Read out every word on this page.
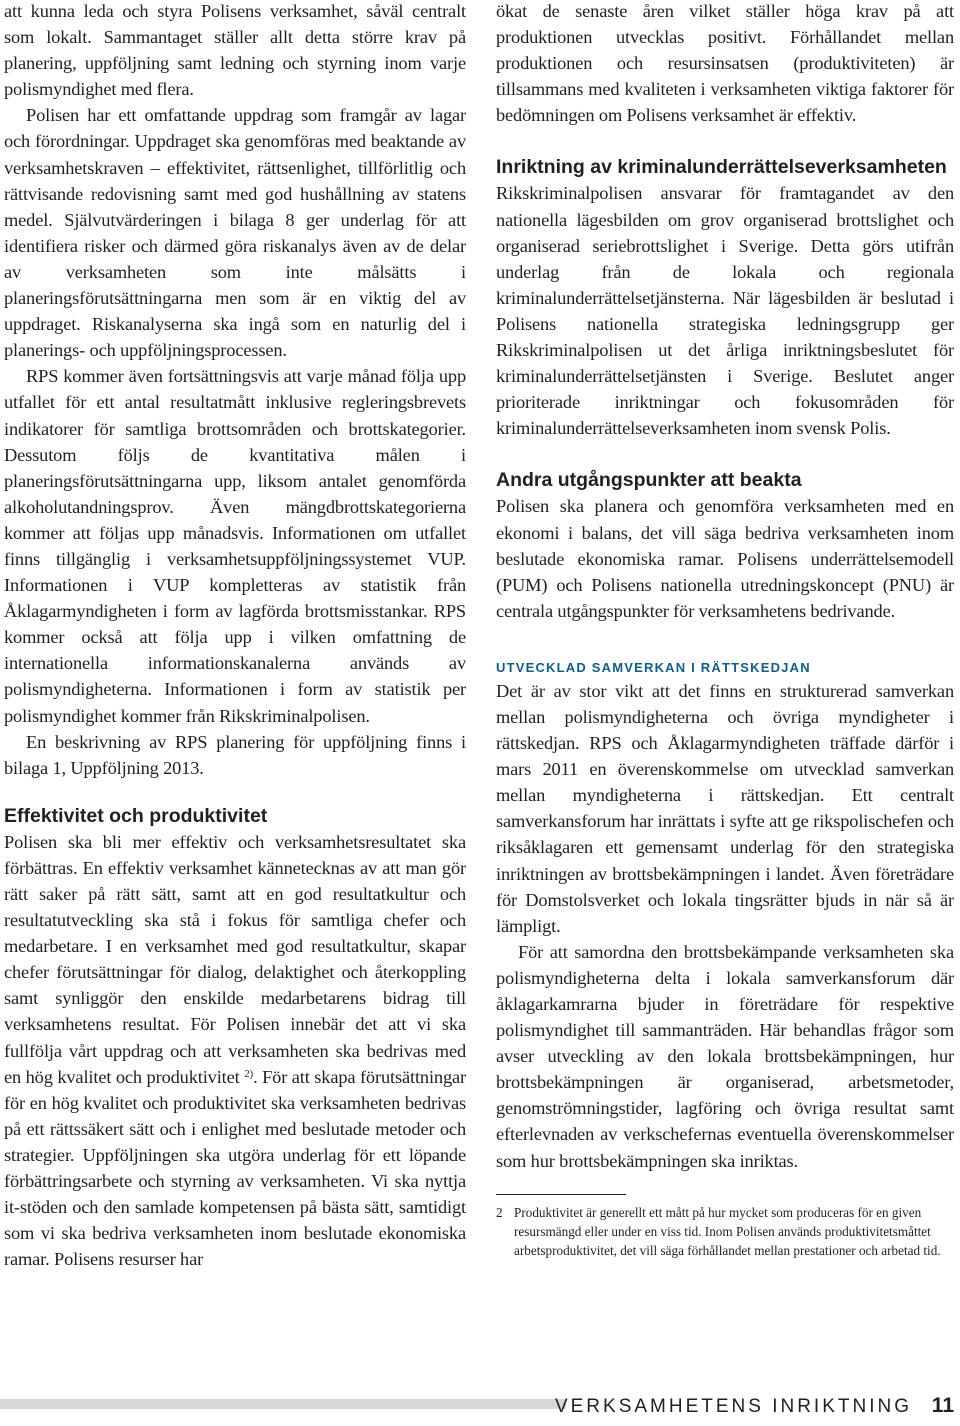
att kunna leda och styra Polisens verksamhet, såväl centralt som lokalt. Sammantaget ställer allt detta större krav på planering, uppföljning samt ledning och styrning inom varje polismyndighet med flera.

Polisen har ett omfattande uppdrag som framgår av lagar och förordningar. Uppdraget ska genomföras med beaktande av verksamhetskraven – effektivitet, rättsenlighet, tillförlitlig och rättvisande redovisning samt med god hushållning av statens medel. Självutvärderingen i bilaga 8 ger underlag för att identifiera risker och därmed göra riskanalys även av de delar av verksamheten som inte målsätts i planeringsförutsättningarna men som är en viktig del av uppdraget. Riskanalyserna ska ingå som en naturlig del i planerings- och uppföljningsprocessen.

RPS kommer även fortsättningsvis att varje månad följa upp utfallet för ett antal resultatmått inklusive regleringsbrevets indikatorer för samtliga brottsområden och brottskategorier. Dessutom följs de kvantitativa målen i planeringsförutsättningarna upp, liksom antalet genomförda alkoholutandningsprov. Även mängdbrottskategorierna kommer att följas upp månadsvis. Informationen om utfallet finns tillgänglig i verksamhetsuppföljningssystemet VUP. Informationen i VUP kompletteras av statistik från Åklagarmyndigheten i form av lagförda brottsmisstankar. RPS kommer också att följa upp i vilken omfattning de internationella informationskanalerna används av polismyndigheterna. Informationen i form av statistik per polismyndighet kommer från Rikskriminalpolisen.

En beskrivning av RPS planering för uppföljning finns i bilaga 1, Uppföljning 2013.

Effektivitet och produktivitet

Polisen ska bli mer effektiv och verksamhetsresultatet ska förbättras. En effektiv verksamhet kännetecknas av att man gör rätt saker på rätt sätt, samt att en god resultatkultur och resultatutveckling ska stå i fokus för samtliga chefer och medarbetare. I en verksamhet med god resultatkultur, skapar chefer förutsättningar för dialog, delaktighet och återkoppling samt synliggör den enskilde medarbetarens bidrag till verksamhetens resultat. För Polisen innebär det att vi ska fullfölja vårt uppdrag och att verksamheten ska bedrivas med en hög kvalitet och produktivitet $^{2)}$. För att skapa förutsättningar för en hög kvalitet och produktivitet ska verksamheten bedrivas på ett rättssäkert sätt och i enlighet med beslutade metoder och strategier. Uppföljningen ska utgöra underlag för ett löpande förbättringsarbete och styrning av verksamheten. Vi ska nyttja it-stöden och den samlade kompetensen på bästa sätt, samtidigt som vi ska bedriva verksamheten inom beslutade ekonomiska ramar. Polisens resurser har

ökat de senaste åren vilket ställer höga krav på att produktionen utvecklas positivt. Förhållandet mellan produktionen och resursinsatsen (produktiviteten) är tillsammans med kvaliteten i verksamheten viktiga faktorer för bedömningen om Polisens verksamhet är effektiv.

Inriktning av kriminalunderrättelseverksamheten

Rikskriminalpolisen ansvarar för framtagandet av den nationella lägesbilden om grov organiserad brottslighet och organiserad seriebrottslighet i Sverige. Detta görs utifrån underlag från de lokala och regionala kriminalunderrättelsetjänsterna. När lägesbilden är beslutad i Polisens nationella strategiska ledningsgrupp ger Rikskriminalpolisen ut det årliga inriktningsbeslutet för kriminalunderrättelsetjänsten i Sverige. Beslutet anger prioriterade inriktningar och fokusområden för kriminalunderrättelseverksamheten inom svensk Polis.

Andra utgångspunkter att beakta

Polisen ska planera och genomföra verksamheten med en ekonomi i balans, det vill säga bedriva verksamheten inom beslutade ekonomiska ramar. Polisens underrättelsemodell (PUM) och Polisens nationella utredningskoncept (PNU) är centrala utgångspunkter för verksamhetens bedrivande.

UTVECKLAD SAMVERKAN I RÄTTSKEDJAN

Det är av stor vikt att det finns en strukturerad samverkan mellan polismyndigheterna och övriga myndigheter i rättskedjan. RPS och Åklagarmyndigheten träffade därför i mars 2011 en överenskommelse om utvecklad samverkan mellan myndigheterna i rättskedjan. Ett centralt samverkansforum har inrättats i syfte att ge rikspolischefen och riksåklagaren ett gemensamt underlag för den strategiska inriktningen av brottsbekämpningen i landet. Även företrädare för Domstolsverket och lokala tingsrätter bjuds in när så är lämpligt.

För att samordna den brottsbekämpande verksamheten ska polismyndigheterna delta i lokala samverkansforum där åklagarkamrarna bjuder in företrädare för respektive polismyndighet till sammanträden. Här behandlas frågor som avser utveckling av den lokala brottsbekämpningen, hur brottsbekämpningen är organiserad, arbetsmetoder, genomströmningstider, lagföring och övriga resultat samt efterlevnaden av verkschefernas eventuella överenskommelser som hur brottsbekämpningen ska inriktas.

2 Produktivitet är generellt ett mått på hur mycket som produceras för en given resursmängd eller under en viss tid. Inom Polisen används produktivitetsmåttet arbetsproduktivitet, det vill säga förhållandet mellan prestationer och arbetad tid.
VERKSAMHETENS INRIKTNING 11
